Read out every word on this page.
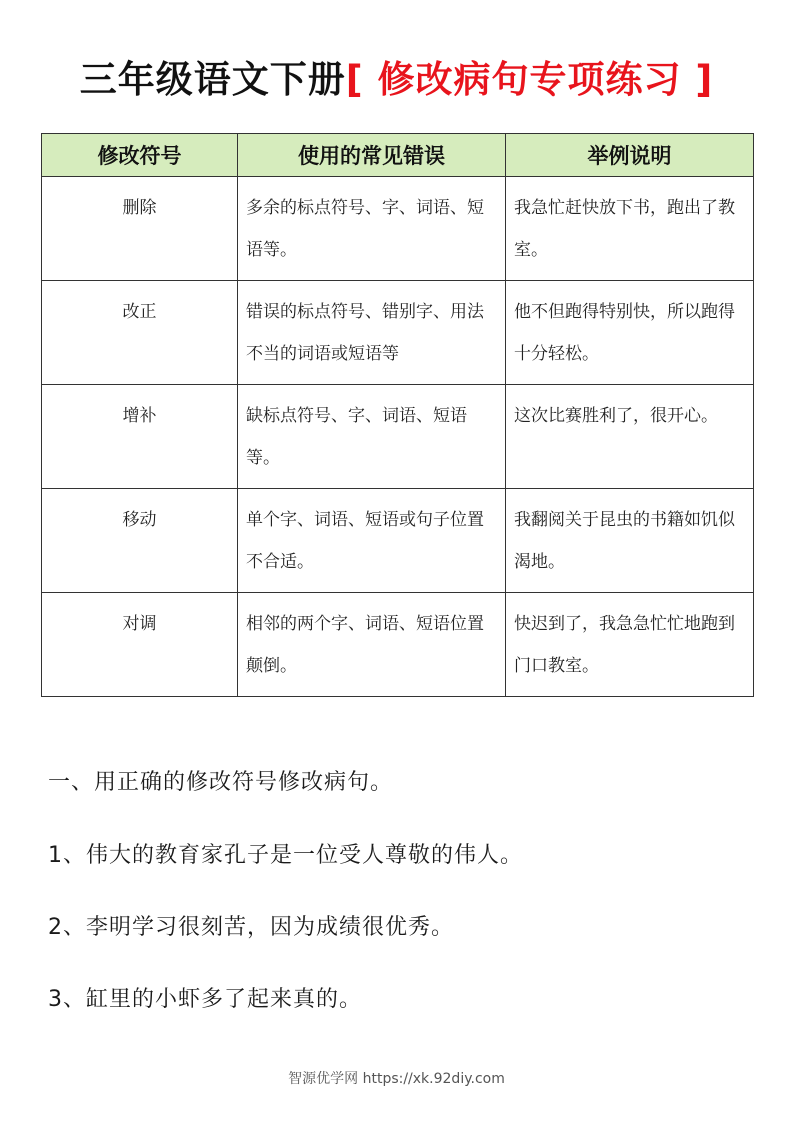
三年级语文下册[ 修改病句专项练习 ]
修改符号	使用的常见错误	举例说明
删除	多余的标点符号、字、词语、短语等。	我急忙赶快放下书，跑出了教室。
改正	错误的标点符号、错别字、用法不当的词语或短语等	他不但跑得特别快，所以跑得十分轻松。
增补	缺标点符号、字、词语、短语等。	这次比赛胜利了，很开心。
移动	单个字、词语、短语或句子位置不合适。	我翻阅关于昆虫的书籍如饥似渴地。
对调	相邻的两个字、词语、短语位置颠倒。	快迟到了，我急急忙忙地跑到门口教室。
一、用正确的修改符号修改病句。
1、伟大的教育家孔子是一位受人尊敬的伟人。
2、李明学习很刻苦，因为成绩很优秀。
3、缸里的小虾多了起来真的。
智源优学网 https://xk.92diy.com
